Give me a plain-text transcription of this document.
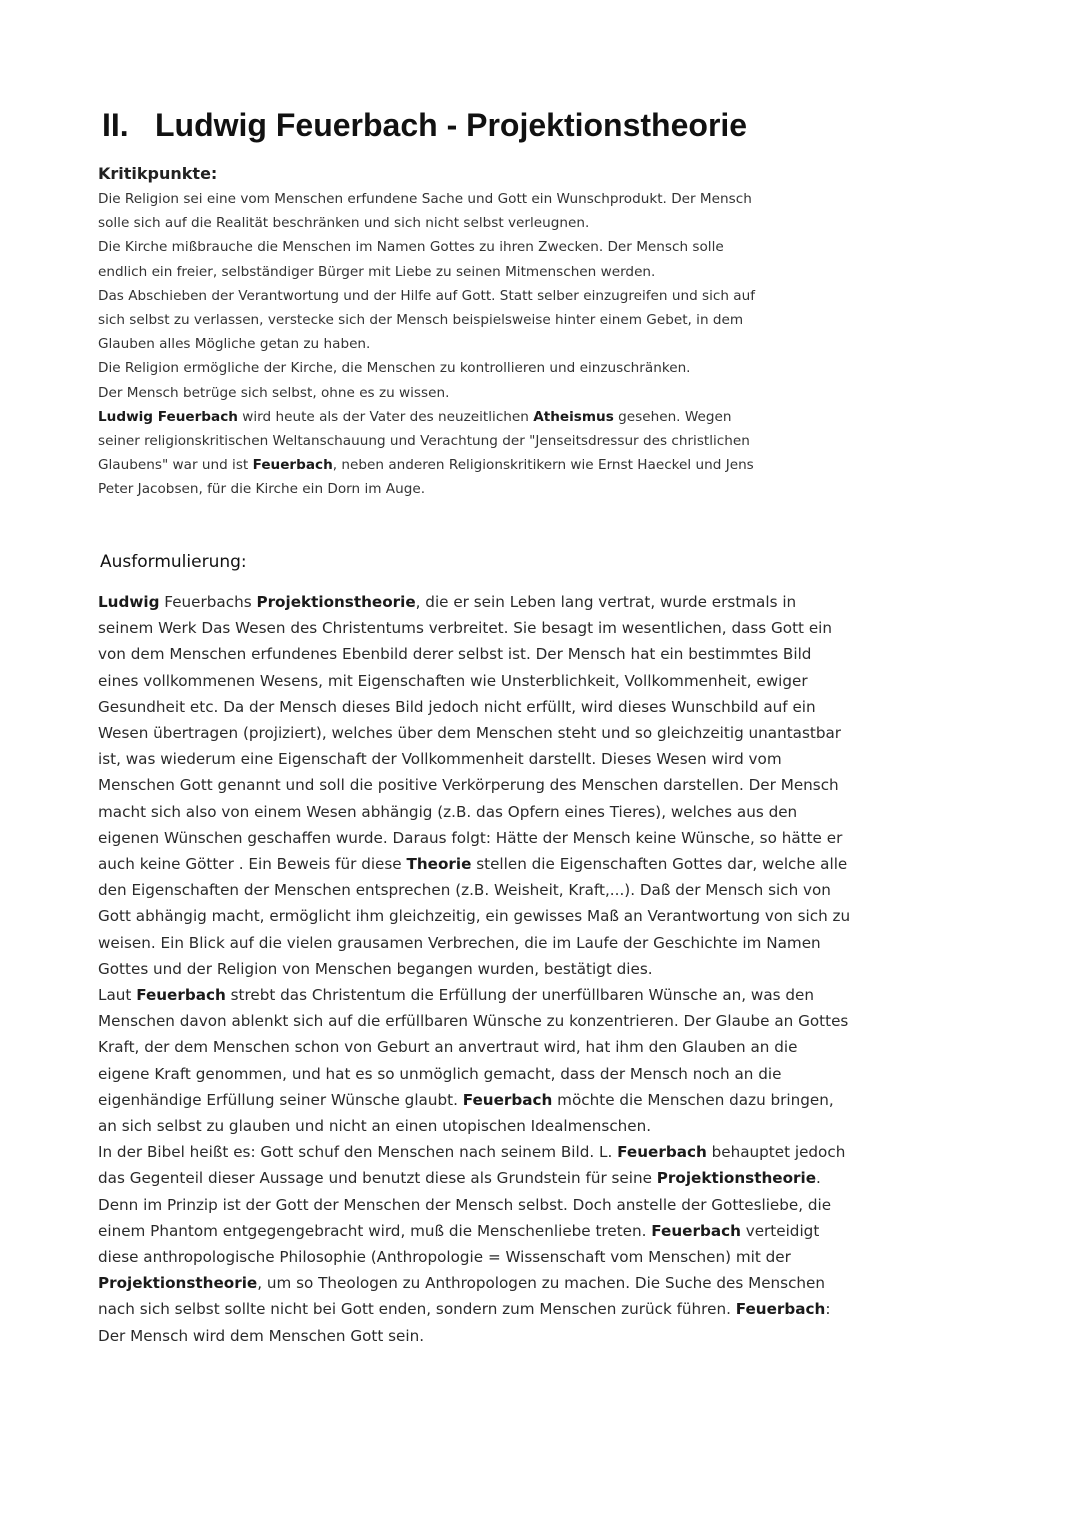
II. Ludwig Feuerbach - Projektionstheorie
Kritikpunkte:
Die Religion sei eine vom Menschen erfundene Sache und Gott ein Wunschprodukt. Der Mensch
solle sich auf die Realität beschränken und sich nicht selbst verleugnen.
Die Kirche mißbrauche die Menschen im Namen Gottes zu ihren Zwecken. Der Mensch solle
endlich ein freier, selbständiger Bürger mit Liebe zu seinen Mitmenschen werden.
Das Abschieben der Verantwortung und der Hilfe auf Gott. Statt selber einzugreifen und sich auf
sich selbst zu verlassen, verstecke sich der Mensch beispielsweise hinter einem Gebet, in dem
Glauben alles Mögliche getan zu haben.
Die Religion ermögliche der Kirche, die Menschen zu kontrollieren und einzuschränken.
Der Mensch betrüge sich selbst, ohne es zu wissen.
Ludwig Feuerbach wird heute als der Vater des neuzeitlichen Atheismus gesehen. Wegen
seiner religionskritischen Weltanschauung und Verachtung der "Jenseitsdressur des christlichen
Glaubens" war und ist Feuerbach, neben anderen Religionskritikern wie Ernst Haeckel und Jens
Peter Jacobsen, für die Kirche ein Dorn im Auge.
Ausformulierung:
Ludwig Feuerbachs Projektionstheorie, die er sein Leben lang vertrat, wurde erstmals in
seinem Werk Das Wesen des Christentums verbreitet. Sie besagt im wesentlichen, dass Gott ein
von dem Menschen erfundenes Ebenbild derer selbst ist. Der Mensch hat ein bestimmtes Bild
eines vollkommenen Wesens, mit Eigenschaften wie Unsterblichkeit, Vollkommenheit, ewiger
Gesundheit etc. Da der Mensch dieses Bild jedoch nicht erfüllt, wird dieses Wunschbild auf ein
Wesen übertragen (projiziert), welches über dem Menschen steht und so gleichzeitig unantastbar
ist, was wiederum eine Eigenschaft der Vollkommenheit darstellt. Dieses Wesen wird vom
Menschen Gott genannt und soll die positive Verkörperung des Menschen darstellen. Der Mensch
macht sich also von einem Wesen abhängig (z.B. das Opfern eines Tieres), welches aus den
eigenen Wünschen geschaffen wurde. Daraus folgt: Hätte der Mensch keine Wünsche, so hätte er
auch keine Götter . Ein Beweis für diese Theorie stellen die Eigenschaften Gottes dar, welche alle
den Eigenschaften der Menschen entsprechen (z.B. Weisheit, Kraft,...). Daß der Mensch sich von
Gott abhängig macht, ermöglicht ihm gleichzeitig, ein gewisses Maß an Verantwortung von sich zu
weisen. Ein Blick auf die vielen grausamen Verbrechen, die im Laufe der Geschichte im Namen
Gottes und der Religion von Menschen begangen wurden, bestätigt dies.
Laut Feuerbach strebt das Christentum die Erfüllung der unerfüllbaren Wünsche an, was den
Menschen davon ablenkt sich auf die erfüllbaren Wünsche zu konzentrieren. Der Glaube an Gottes
Kraft, der dem Menschen schon von Geburt an anvertraut wird, hat ihm den Glauben an die
eigene Kraft genommen, und hat es so unmöglich gemacht, dass der Mensch noch an die
eigenhändige Erfüllung seiner Wünsche glaubt. Feuerbach möchte die Menschen dazu bringen,
an sich selbst zu glauben und nicht an einen utopischen Idealmenschen.
In der Bibel heißt es: Gott schuf den Menschen nach seinem Bild. L. Feuerbach behauptet jedoch
das Gegenteil dieser Aussage und benutzt diese als Grundstein für seine Projektionstheorie.
Denn im Prinzip ist der Gott der Menschen der Mensch selbst. Doch anstelle der Gottesliebe, die
einem Phantom entgegengebracht wird, muß die Menschenliebe treten. Feuerbach verteidigt
diese anthropologische Philosophie (Anthropologie = Wissenschaft vom Menschen) mit der
Projektionstheorie, um so Theologen zu Anthropologen zu machen. Die Suche des Menschen
nach sich selbst sollte nicht bei Gott enden, sondern zum Menschen zurück führen. Feuerbach:
Der Mensch wird dem Menschen Gott sein.
